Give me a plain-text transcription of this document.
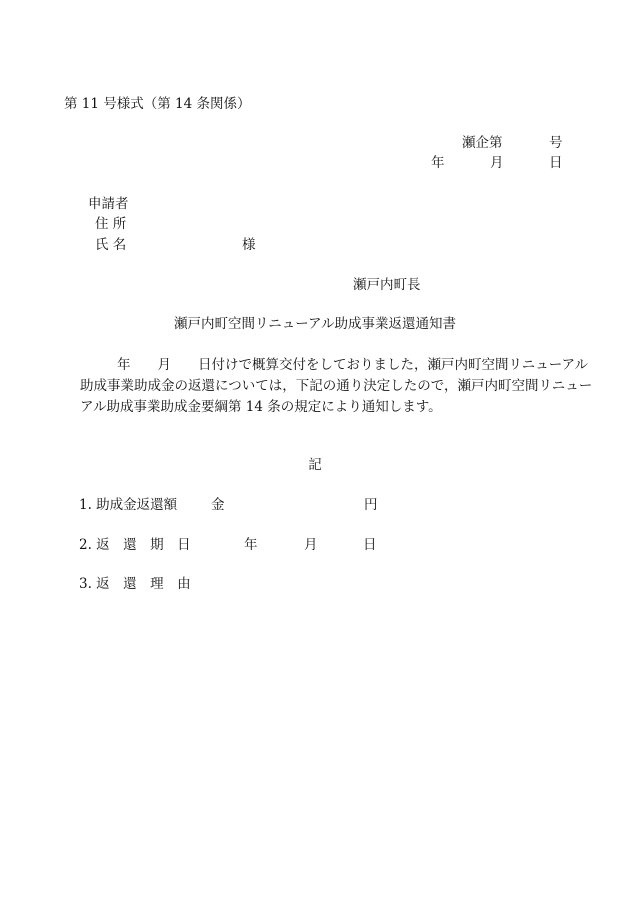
第 11 号様式（第 14 条関係）
瀬企第	号
年	月	日
申請者
住 所
氏 名	様
瀬戸内町長
瀬戸内町空間リニューアル助成事業返還通知書
年 月 日付けで概算交付をしておりました，瀬戸内町空間リニューアル
助成事業助成金の返還については，下記の通り決定したので，瀬戸内町空間リニュー
アル助成事業助成金要綱第 14 条の規定により通知します。
記
1. 助成金返還額	金	円
2. 返　還　期　日	年	月	日
3. 返　還　理　由
